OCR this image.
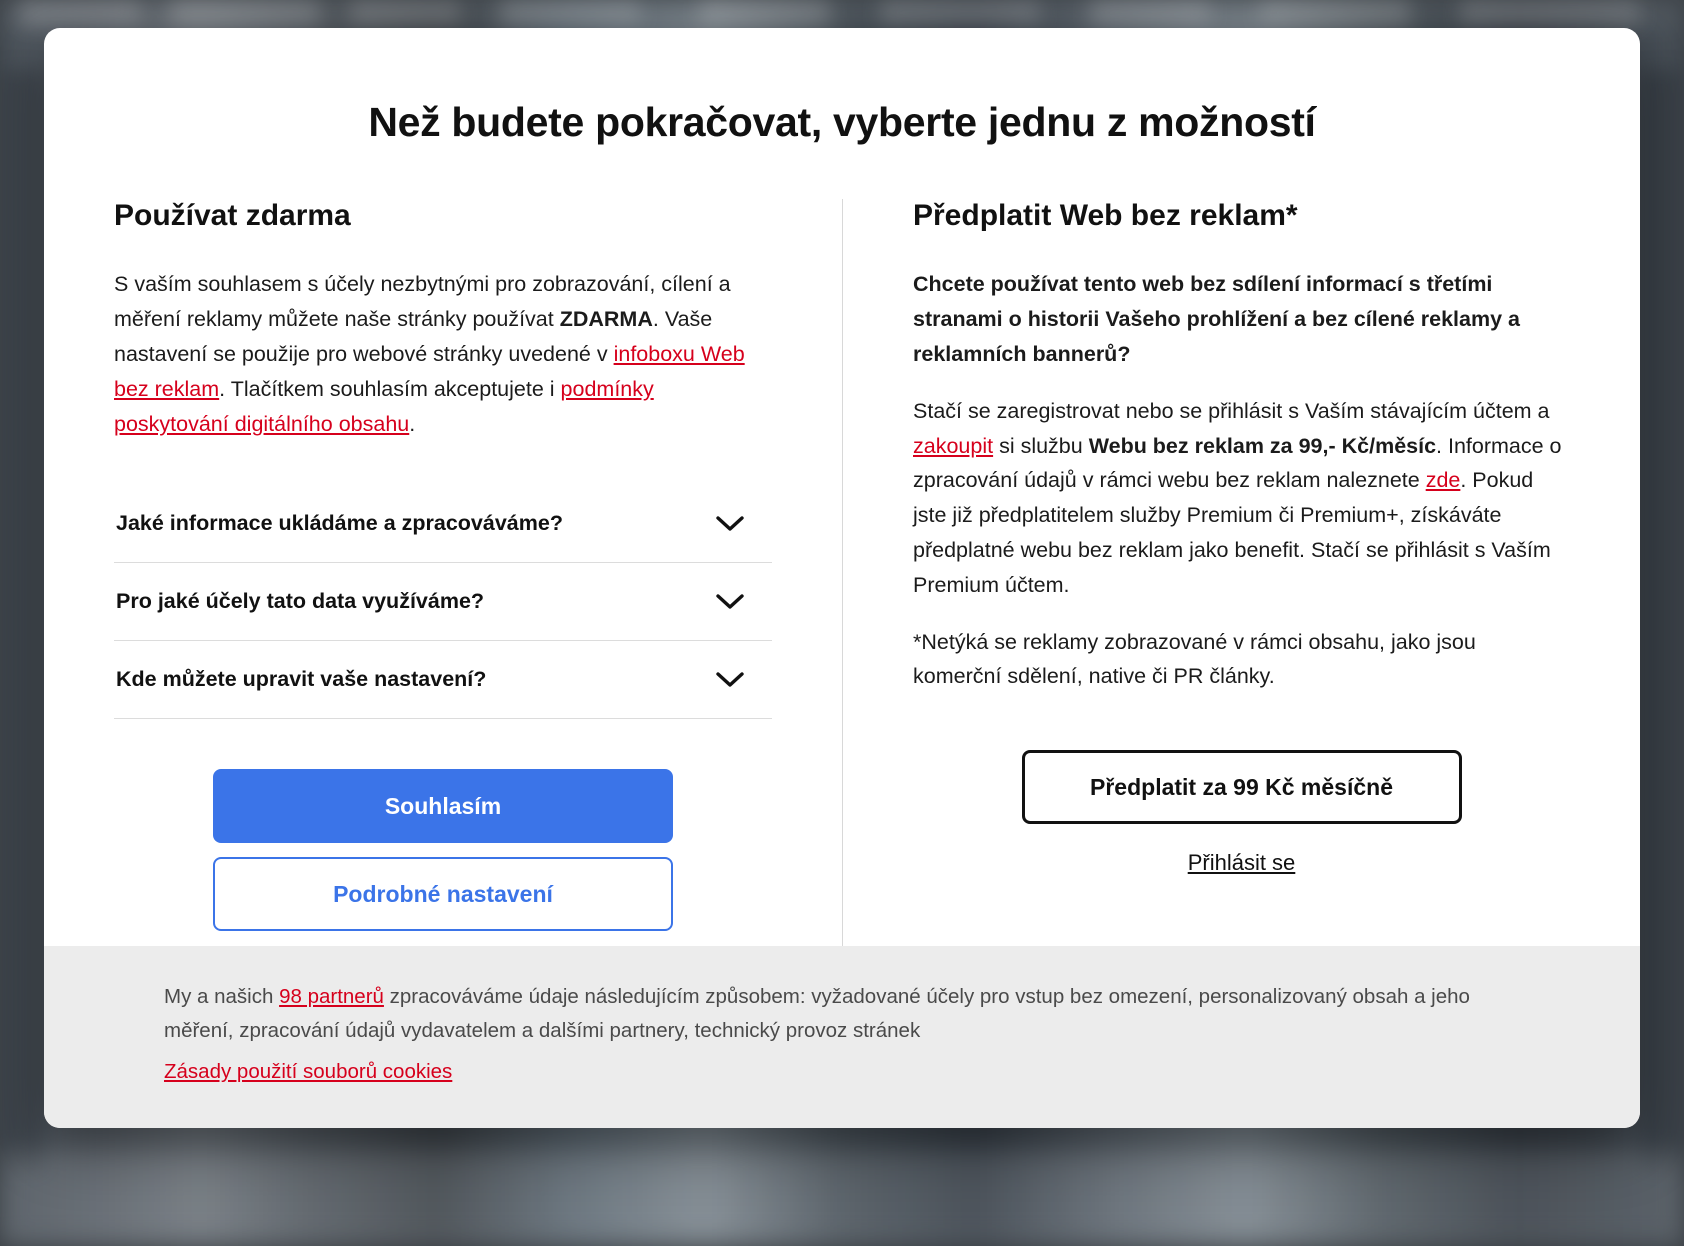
Než budete pokračovat, vyberte jednu z možností
Používat zdarma

S vaším souhlasem s účely nezbytnými pro zobrazování, cílení a měření reklamy můžete naše stránky používat ZDARMA. Vaše nastavení se použije pro webové stránky uvedené v infoboxu Web bez reklam. Tlačítkem souhlasím akceptujete i podmínky poskytování digitálního obsahu.

Jaké informace ukládáme a zpracováváme?
Pro jaké účely tato data využíváme?
Kde můžete upravit vaše nastavení?
Souhlasím
Podrobné nastavení
Předplatit Web bez reklam*

Chcete používat tento web bez sdílení informací s třetími stranami o historii Vašeho prohlížení a bez cílené reklamy a reklamních bannerů?

Stačí se zaregistrovat nebo se přihlásit s Vaším stávajícím účtem a zakoupit si službu Webu bez reklam za 99,- Kč/měsíc. Informace o zpracování údajů v rámci webu bez reklam naleznete zde. Pokud jste již předplatitelem služby Premium či Premium+, získáváte předplatné webu bez reklam jako benefit. Stačí se přihlásit s Vaším Premium účtem.

*Netýká se reklamy zobrazované v rámci obsahu, jako jsou komerční sdělení, native či PR články.

Předplatit za 99 Kč měsíčně
Přihlásit se
My a našich 98 partnerů zpracováváme údaje následujícím způsobem: vyžadované účely pro vstup bez omezení, personalizovaný obsah a jeho měření, zpracování údajů vydavatelem a dalšími partnery, technický provoz stránek
Zásady použití souborů cookies
